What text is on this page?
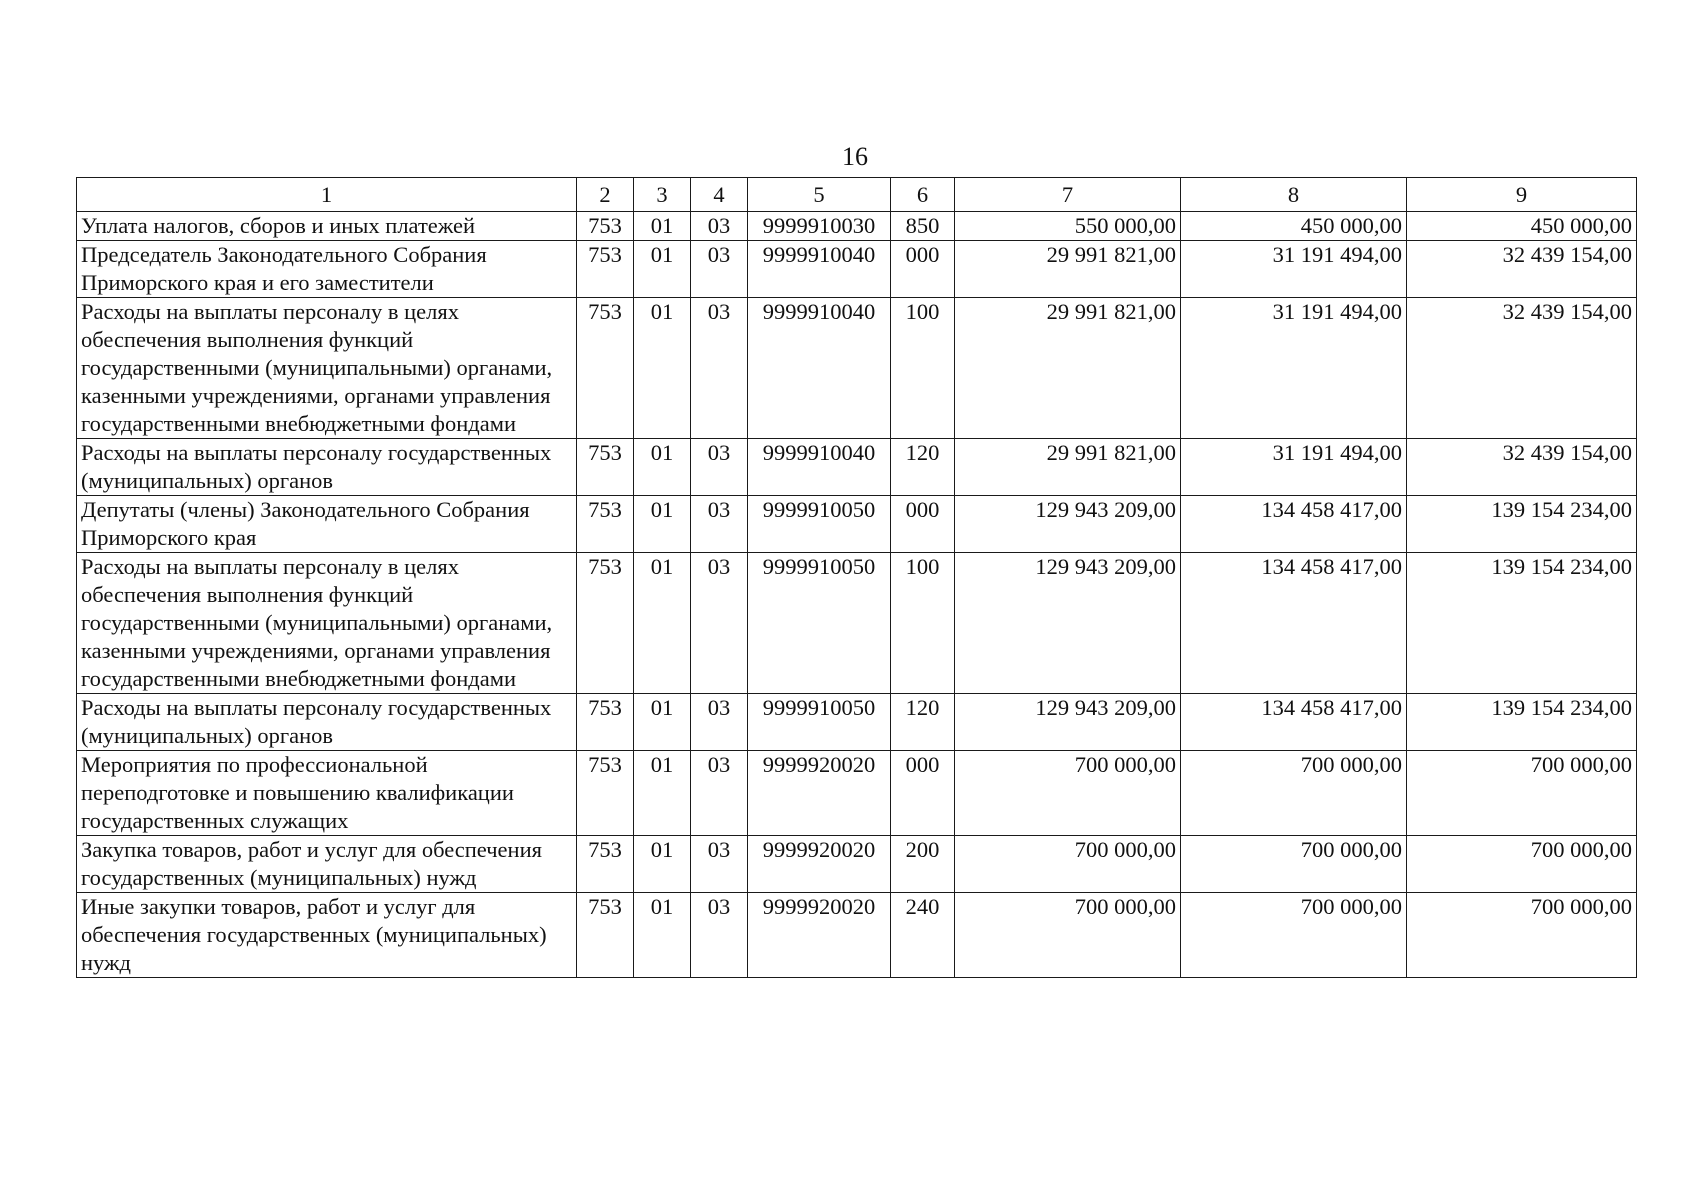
16
1	2	3	4	5	6	7	8	9
Уплата налогов, сборов и иных платежей	753	01	03	9999910030	850	550 000,00	450 000,00	450 000,00
Председатель Законодательного Собрания Приморского края и его заместители	753	01	03	9999910040	000	29 991 821,00	31 191 494,00	32 439 154,00
Расходы на выплаты персоналу в целях обеспечения выполнения функций государственными (муниципальными) органами, казенными учреждениями, органами управления государственными внебюджетными фондами	753	01	03	9999910040	100	29 991 821,00	31 191 494,00	32 439 154,00
Расходы на выплаты персоналу государственных (муниципальных) органов	753	01	03	9999910040	120	29 991 821,00	31 191 494,00	32 439 154,00
Депутаты (члены) Законодательного Собрания Приморского края	753	01	03	9999910050	000	129 943 209,00	134 458 417,00	139 154 234,00
Расходы на выплаты персоналу в целях обеспечения выполнения функций государственными (муниципальными) органами, казенными учреждениями, органами управления государственными внебюджетными фондами	753	01	03	9999910050	100	129 943 209,00	134 458 417,00	139 154 234,00
Расходы на выплаты персоналу государственных (муниципальных) органов	753	01	03	9999910050	120	129 943 209,00	134 458 417,00	139 154 234,00
Мероприятия по профессиональной переподготовке и повышению квалификации государственных служащих	753	01	03	9999920020	000	700 000,00	700 000,00	700 000,00
Закупка товаров, работ и услуг для обеспечения государственных (муниципальных) нужд	753	01	03	9999920020	200	700 000,00	700 000,00	700 000,00
Иные закупки товаров, работ и услуг для обеспечения государственных (муниципальных) нужд	753	01	03	9999920020	240	700 000,00	700 000,00	700 000,00
